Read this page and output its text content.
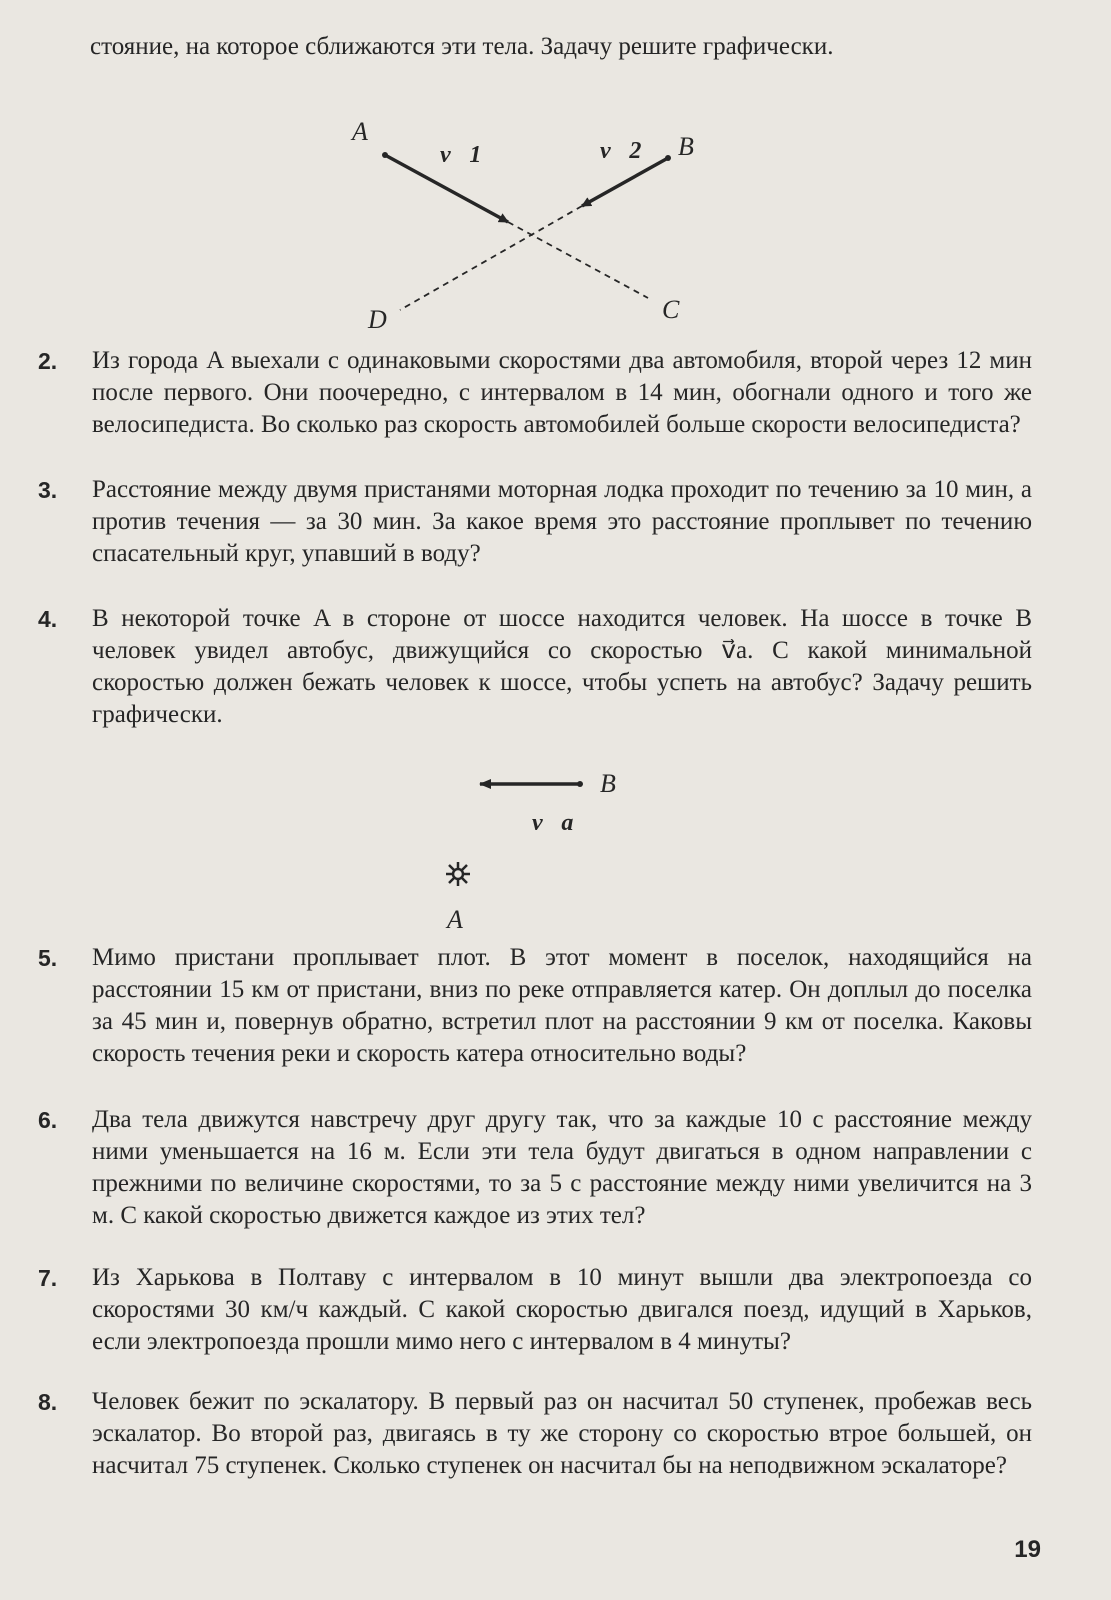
стояние, на которое сближаются эти тела. Задачу решите графически.
A
v⃗1	v⃗2 B
D	C
2. Из города A выехали с одинаковыми скоростями два автомобиля, второй через 12 мин после первого. Они поочередно, с интервалом в 14 мин, обогнали одного и того же велосипедиста. Во сколько раз скорость автомобилей больше скорости велосипедиста?
3. Расстояние между двумя пристанями моторная лодка проходит по течению за 10 мин, а против течения — за 30 мин. За какое время это расстояние проплывет по течению спасательный круг, упавший в воду?
4. В некоторой точке A в стороне от шоссе находится человек. На шоссе в точке B человек увидел автобус, движущийся со скоростью v⃗a. С какой минимальной скоростью должен бежать человек к шоссе, чтобы успеть на автобус? Задачу решить графически.
B
v⃗a
A
5. Мимо пристани проплывает плот. В этот момент в поселок, находящийся на расстоянии 15 км от пристани, вниз по реке отправляется катер. Он доплыл до поселка за 45 мин и, повернув обратно, встретил плот на расстоянии 9 км от поселка. Каковы скорость течения реки и скорость катера относительно воды?
6. Два тела движутся навстречу друг другу так, что за каждые 10 с расстояние между ними уменьшается на 16 м. Если эти тела будут двигаться в одном направлении с прежними по величине скоростями, то за 5 с расстояние между ними увеличится на 3 м. С какой скоростью движется каждое из этих тел?
7. Из Харькова в Полтаву с интервалом в 10 минут вышли два электропоезда со скоростями 30 км/ч каждый. С какой скоростью двигался поезд, идущий в Харьков, если электропоезда прошли мимо него с интервалом в 4 минуты?
8. Человек бежит по эскалатору. В первый раз он насчитал 50 ступенек, пробежав весь эскалатор. Во второй раз, двигаясь в ту же сторону со скоростью втрое большей, он насчитал 75 ступенек. Сколько ступенек он насчитал бы на неподвижном эскалаторе?
19
